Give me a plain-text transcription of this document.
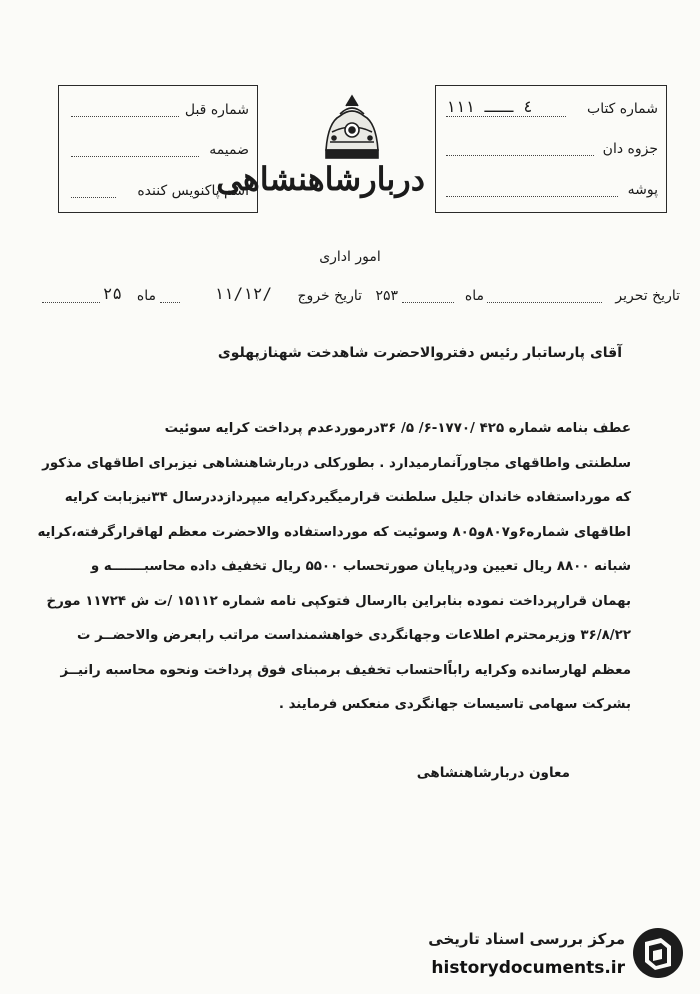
شماره قبل
ضمیمه
اسم پاکنویس کننده
دربارشاهنشاهی
شماره کتاب
٤ ـــ ١١١
جزوه دان
پوشه
امور اداری
تاریخ تحریر
ماه
۲۵۳
تاریخ خروج
۱۱/۱۲/
ماه
۲۵
آقای پارساتبار رئیس دفتروالاحضرت شاهدخت شهنازپهلوی

عطف بنامه شماره ۴۲۵ /۱۷۷۰-۶/ ۵/ ۳۶درموردعدم پرداخت کرایه سوئیت

سلطنتی واطاقهای مجاورآنمارمیدارد . بطورکلی دربارشاهنشاهی نیزبرای اطاقهای مذکور

که مورداستفاده خاندان جلیل سلطنت قرارمیگیردکرایه میپردازددرسال ۳۴نیزبابت کرایه

اطاقهای شماره۶و۸۰۷و۸۰۵ وسوئیت که مورداستفاده والاحضرت معظم لهاقرارگرفته،کرایه

شبانه ۸۸۰۰ ریال تعیین ودرپایان صورتحساب ۵۵۰۰ ریال تخفیف داده محاسبـــــــه و

بهمان قرارپرداخت نموده بنابراین باارسال فتوکپی نامه شماره ۱۵۱۱۲ /ت ش ۱۱۷۲۴ مورخ

۳۶/۸/۲۲ وزیرمحترم اطلاعات وجهانگردی خواهشمنداست مراتب رابعرض والاحضــر ت

معظم لهارسانده وکرایه راباًاحتساب تخفیف برمبنای فوق پرداخت ونحوه محاسبه رانیــز

بشرکت سهامی تاسیسات جهانگردی منعکس فرمایند .

معاون دربارشاهنشاهی
مرکز بررسی اسناد تاریخی
historydocuments.ir
